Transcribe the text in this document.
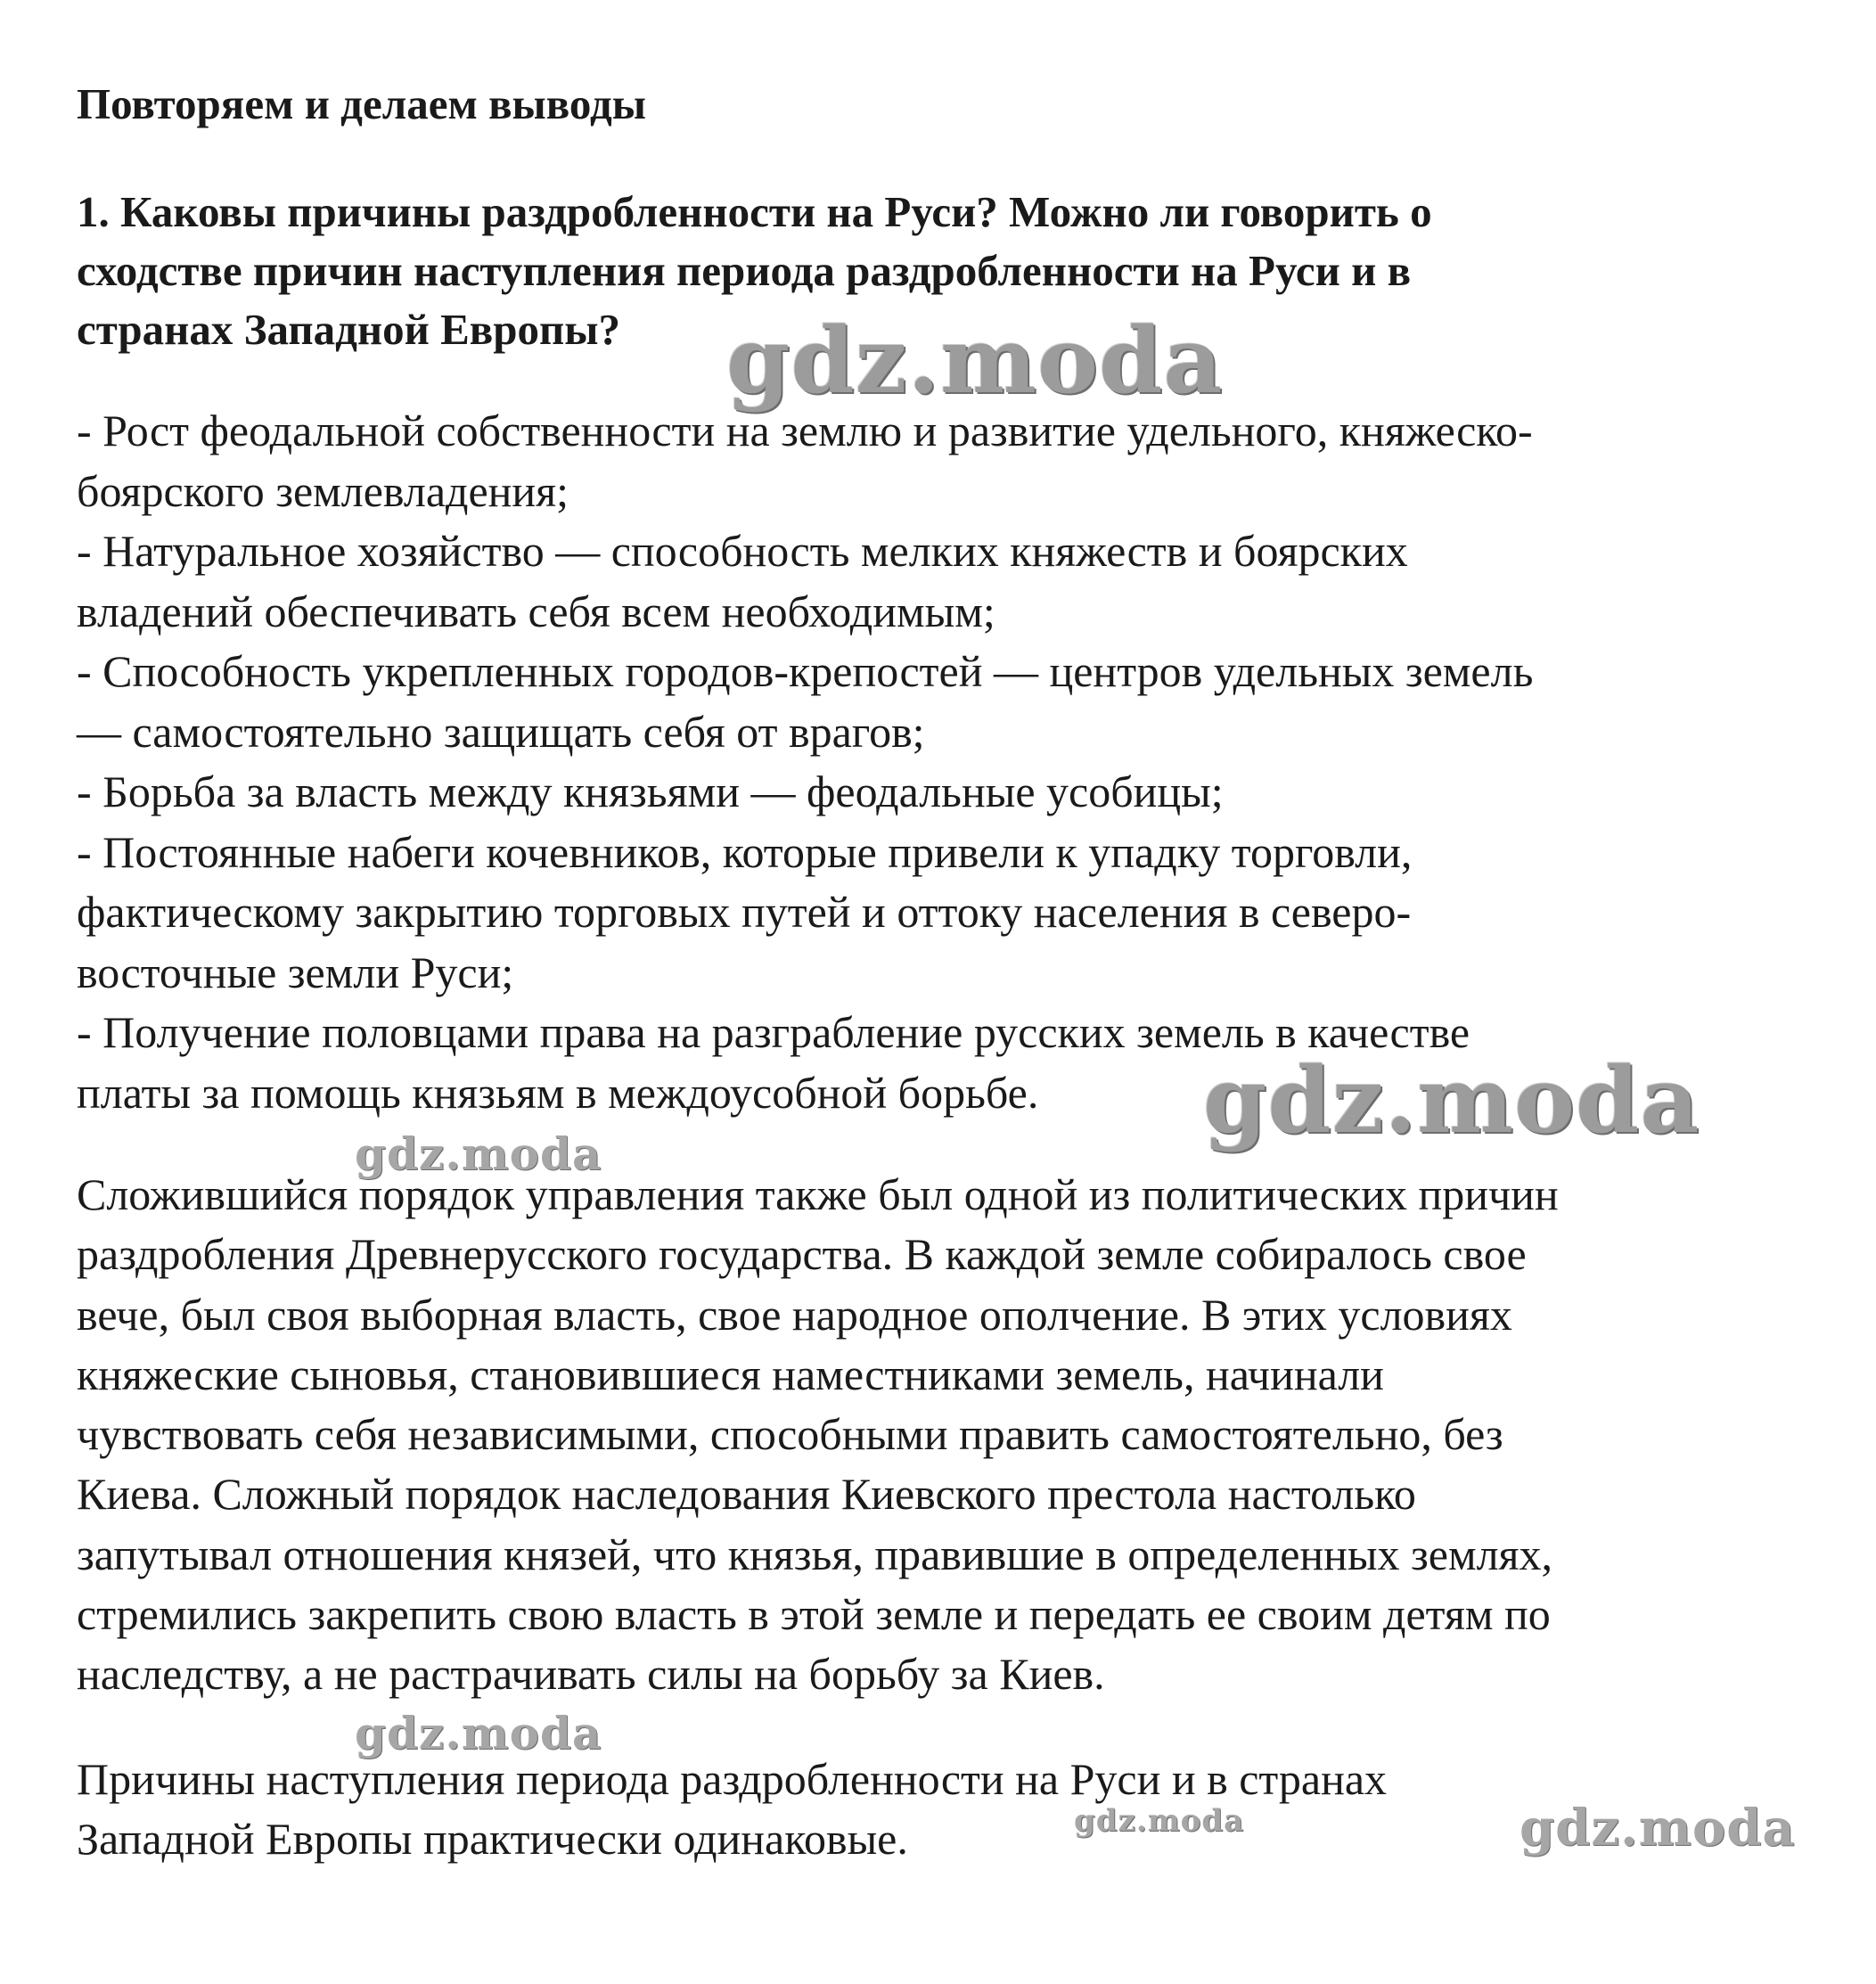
Повторяем и делаем выводы
1. Каковы причины раздробленности на Руси? Можно ли говорить о
сходстве причин наступления периода раздробленности на Руси и в
странах Западной Европы?
- Рост феодальной собственности на землю и развитие удельного, княжеско-
боярского землевладения;
- Натуральное хозяйство — способность мелких княжеств и боярских
владений обеспечивать себя всем необходимым;
- Способность укрепленных городов-крепостей — центров удельных земель
— самостоятельно защищать себя от врагов;
- Борьба за власть между князьями — феодальные усобицы;
- Постоянные набеги кочевников, которые привели к упадку торговли,
фактическому закрытию торговых путей и оттоку населения в северо-
восточные земли Руси;
- Получение половцами права на разграбление русских земель в качестве
платы за помощь князьям в междоусобной борьбе.
Сложившийся порядок управления также был одной из политических причин
раздробления Древнерусского государства. В каждой земле собиралось свое
вече, был своя выборная власть, свое народное ополчение. В этих условиях
княжеские сыновья, становившиеся наместниками земель, начинали
чувствовать себя независимыми, способными править самостоятельно, без
Киева. Сложный порядок наследования Киевского престола настолько
запутывал отношения князей, что князья, правившие в определенных землях,
стремились закрепить свою власть в этой земле и передать ее своим детям по
наследству, а не растрачивать силы на борьбу за Киев.
Причины наступления периода раздробленности на Руси и в странах
Западной Европы практически одинаковые.
gdz.moda
gdz.moda
gdz.moda
gdz.moda
gdz.moda	gdz.moda
